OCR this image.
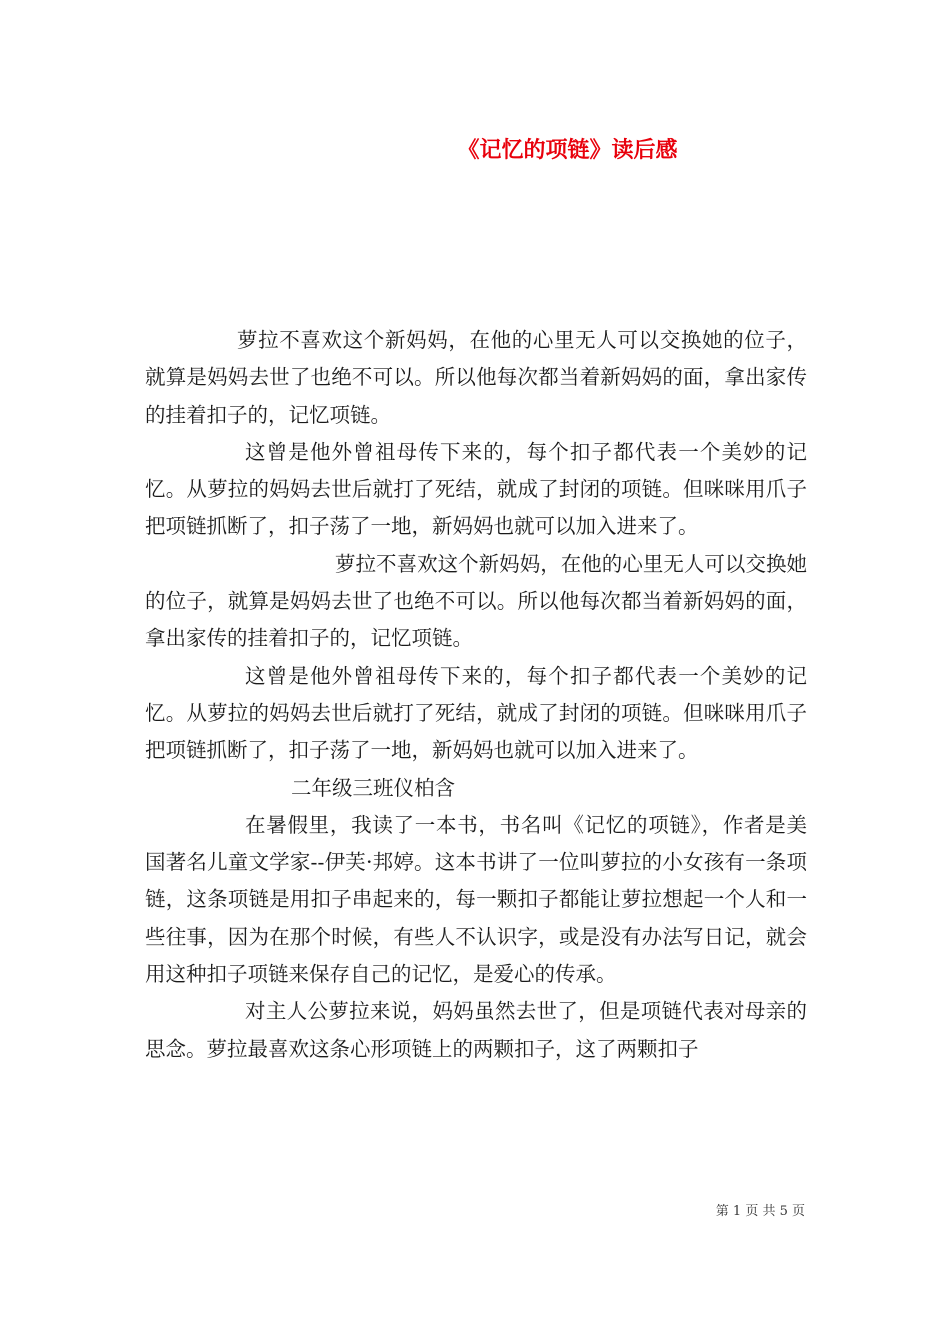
《记忆的项链》读后感

萝拉不喜欢这个新妈妈，在他的心里无人可以交换她的位子，就算是妈妈去世了也绝不可以。所以他每次都当着新妈妈的面，拿出家传的挂着扣子的，记忆项链。

这曾是他外曾祖母传下来的，每个扣子都代表一个美妙的记忆。从萝拉的妈妈去世后就打了死结，就成了封闭的项链。但咪咪用爪子把项链抓断了，扣子荡了一地，新妈妈也就可以加入进来了。

萝拉不喜欢这个新妈妈，在他的心里无人可以交换她的位子，就算是妈妈去世了也绝不可以。所以他每次都当着新妈妈的面，拿出家传的挂着扣子的，记忆项链。

这曾是他外曾祖母传下来的，每个扣子都代表一个美妙的记忆。从萝拉的妈妈去世后就打了死结，就成了封闭的项链。但咪咪用爪子把项链抓断了，扣子荡了一地，新妈妈也就可以加入进来了。

二年级三班仪柏含

在暑假里，我读了一本书，书名叫《记忆的项链》，作者是美国著名儿童文学家--伊芙·邦婷。这本书讲了一位叫萝拉的小女孩有一条项链，这条项链是用扣子串起来的，每一颗扣子都能让萝拉想起一个人和一些往事，因为在那个时候，有些人不认识字，或是没有办法写日记，就会用这种扣子项链来保存自己的记忆，是爱心的传承。

对主人公萝拉来说，妈妈虽然去世了，但是项链代表对母亲的思念。萝拉最喜欢这条心形项链上的两颗扣子，这了两颗扣子

第 1 页 共 5 页
